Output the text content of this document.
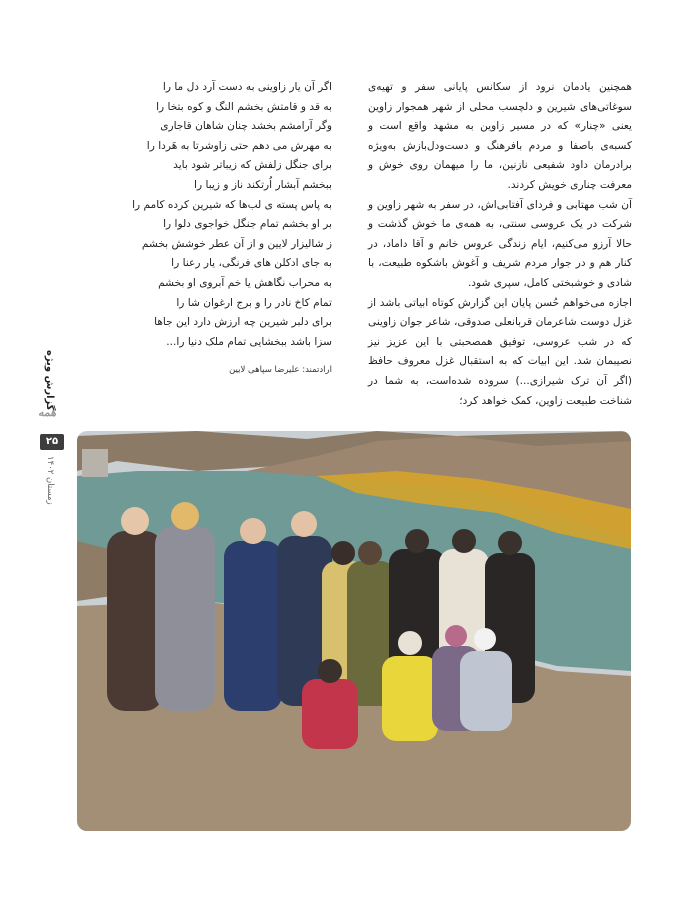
همچنین یادمان نرود از سکانس پایانی سفر و تهیه‌ی سوغاتی‌های شیرین و دلچسب محلی از شهر همجوار زاوین یعنی «چنار» که در مسیر زاوین به مشهد واقع است و کسبه‌ی باصفا و مردم بافرهنگ و دست‌ودل‌بازش به‌ویژه برادرمان داود شفیعی نازنین، ما را میهمان روی خوش و معرفت چناری خویش کردند.

آن شب مهتابی و فردای آفتابی‌اش، در سفر به شهر زاوین و شرکت در یک عروسی سنتی، به همه‌ی ما خوش گذشت و حالا آرزو می‌کنیم، ایام زندگی عروس خانم و آقا داماد، در کنار هم و در جوار مردم شریف و آغوش باشکوه طبیعت، با شادی و خوشبختی کامل، سپری شود.

اجازه می‌خواهم حُسن پایان این گزارش کوتاه ابیاتی باشد از غزل دوست شاعرمان قربانعلی صدوقی، شاعر جوان زاوینی که در شب عروسی، توفیق همصحبتی با این عزیز نیز نصیبمان شد. این ابیات که به استقبال غزل معروف حافظ (اگر آن ترک شیرازی...) سروده شده‌است، به شما در شناخت طبیعت زاوین، کمک خواهد کرد؛

اگر آن یار زاوینی به دست آرد دل ما را

به قد و قامتش بخشم النگ و کوه بتخا را

وگر آرامشم بخشد چنان شاهان قاجاری

به مهرش می دهم حتی زاوشرتا به هَردا را

برای جنگل زلفش که زیباتر شود باید

ببخشم آبشار اُرتکند ناز و زیبا را

به پاس پسته ی لب‌ها که شیرین کرده کامم را

بر او بخشم تمام جنگل خواجوی دلوا را

ز شالیزار لایین و از آن عطر خوشش بخشم

به جای ادکلن های فرنگی، یار رعنا را

به محراب نگاهش یا خم آبروی او بخشم

تمام کاخ نادر را و برج ارغوان شا را

برای دلبر شیرین چه ارزش دارد این جاها

سزا باشد ببخشایی تمام ملک دنیا را...

ارادتمند: علیرضا سپاهی لایین
گزارش ویژه
همه
۲۵
زمستان ۱۴۰۲
